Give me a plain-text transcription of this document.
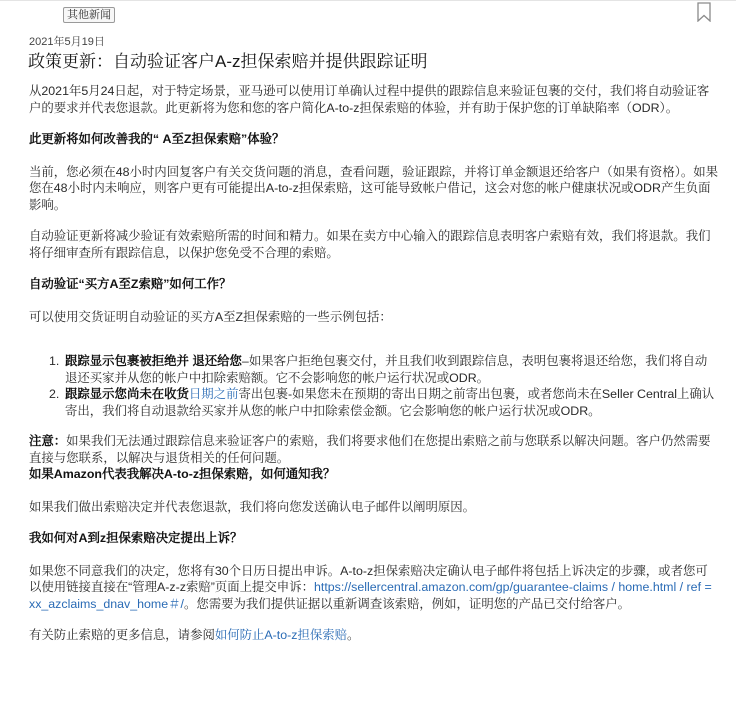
其他新闻
2021年5月19日
政策更新：自动验证客户A-z担保索赔并提供跟踪证明

从2021年5月24日起，对于特定场景，亚马逊可以使用订单确认过程中提供的跟踪信息来验证包裹的交付，我们将自动验证客户的要求并代表您退款。此更新将为您和您的客户简化A-to-z担保索赔的体验，并有助于保护您的订单缺陷率（ODR）。

此更新将如何改善我的“ A至Z担保索赔”体验？

当前，您必须在48小时内回复客户有关交货问题的消息，查看问题，验证跟踪，并将订单金额退还给客户（如果有资格）。如果您在48小时内未响应，则客户更有可能提出A-to-z担保索赔，这可能导致帐户借记，这会对您的帐户健康状况或ODR产生负面影响。

自动验证更新将减少验证有效索赔所需的时间和精力。如果在卖方中心输入的跟踪信息表明客户索赔有效，我们将退款。我们将仔细审查所有跟踪信息，以保护您免受不合理的索赔。

自动验证“买方A至Z索赔”如何工作？

可以使用交货证明自动验证的买方A至Z担保索赔的一些示例包括：

1. 跟踪显示包裹被拒绝并 退还给您–如果客户拒绝包裹交付，并且我们收到跟踪信息，表明包裹将退还给您，我们将自动退还买家并从您的帐户中扣除索赔额。它不会影响您的帐户运行状况或ODR。
2. 跟踪显示您尚未在收货日期之前寄出包裹-如果您未在预期的寄出日期之前寄出包裹，或者您尚未在Seller Central上确认寄出，我们将自动退款给买家并从您的帐户中扣除索偿金额。它会影响您的帐户运行状况或ODR。

注意：如果我们无法通过跟踪信息来验证客户的索赔，我们将要求他们在您提出索赔之前与您联系以解决问题。客户仍然需要直接与您联系，以解决与退货相关的任何问题。

如果Amazon代表我解决A-to-z担保索赔，如何通知我？

如果我们做出索赔决定并代表您退款，我们将向您发送确认电子邮件以阐明原因。

我如何对A到z担保索赔决定提出上诉？

如果您不同意我们的决定，您将有30个日历日提出申诉。A-to-z担保索赔决定确认电子邮件将包括上诉决定的步骤，或者您可以使用链接直接在“管理A-z-z索赔”页面上提交申诉：https://sellercentral.amazon.com/gp/guarantee-claims / home.html / ref = xx_azclaims_dnav_home＃/。您需要为我们提供证据以重新调查该索赔，例如，证明您的产品已交付给客户。

有关防止索赔的更多信息，请参阅如何防止A-to-z担保索赔。
